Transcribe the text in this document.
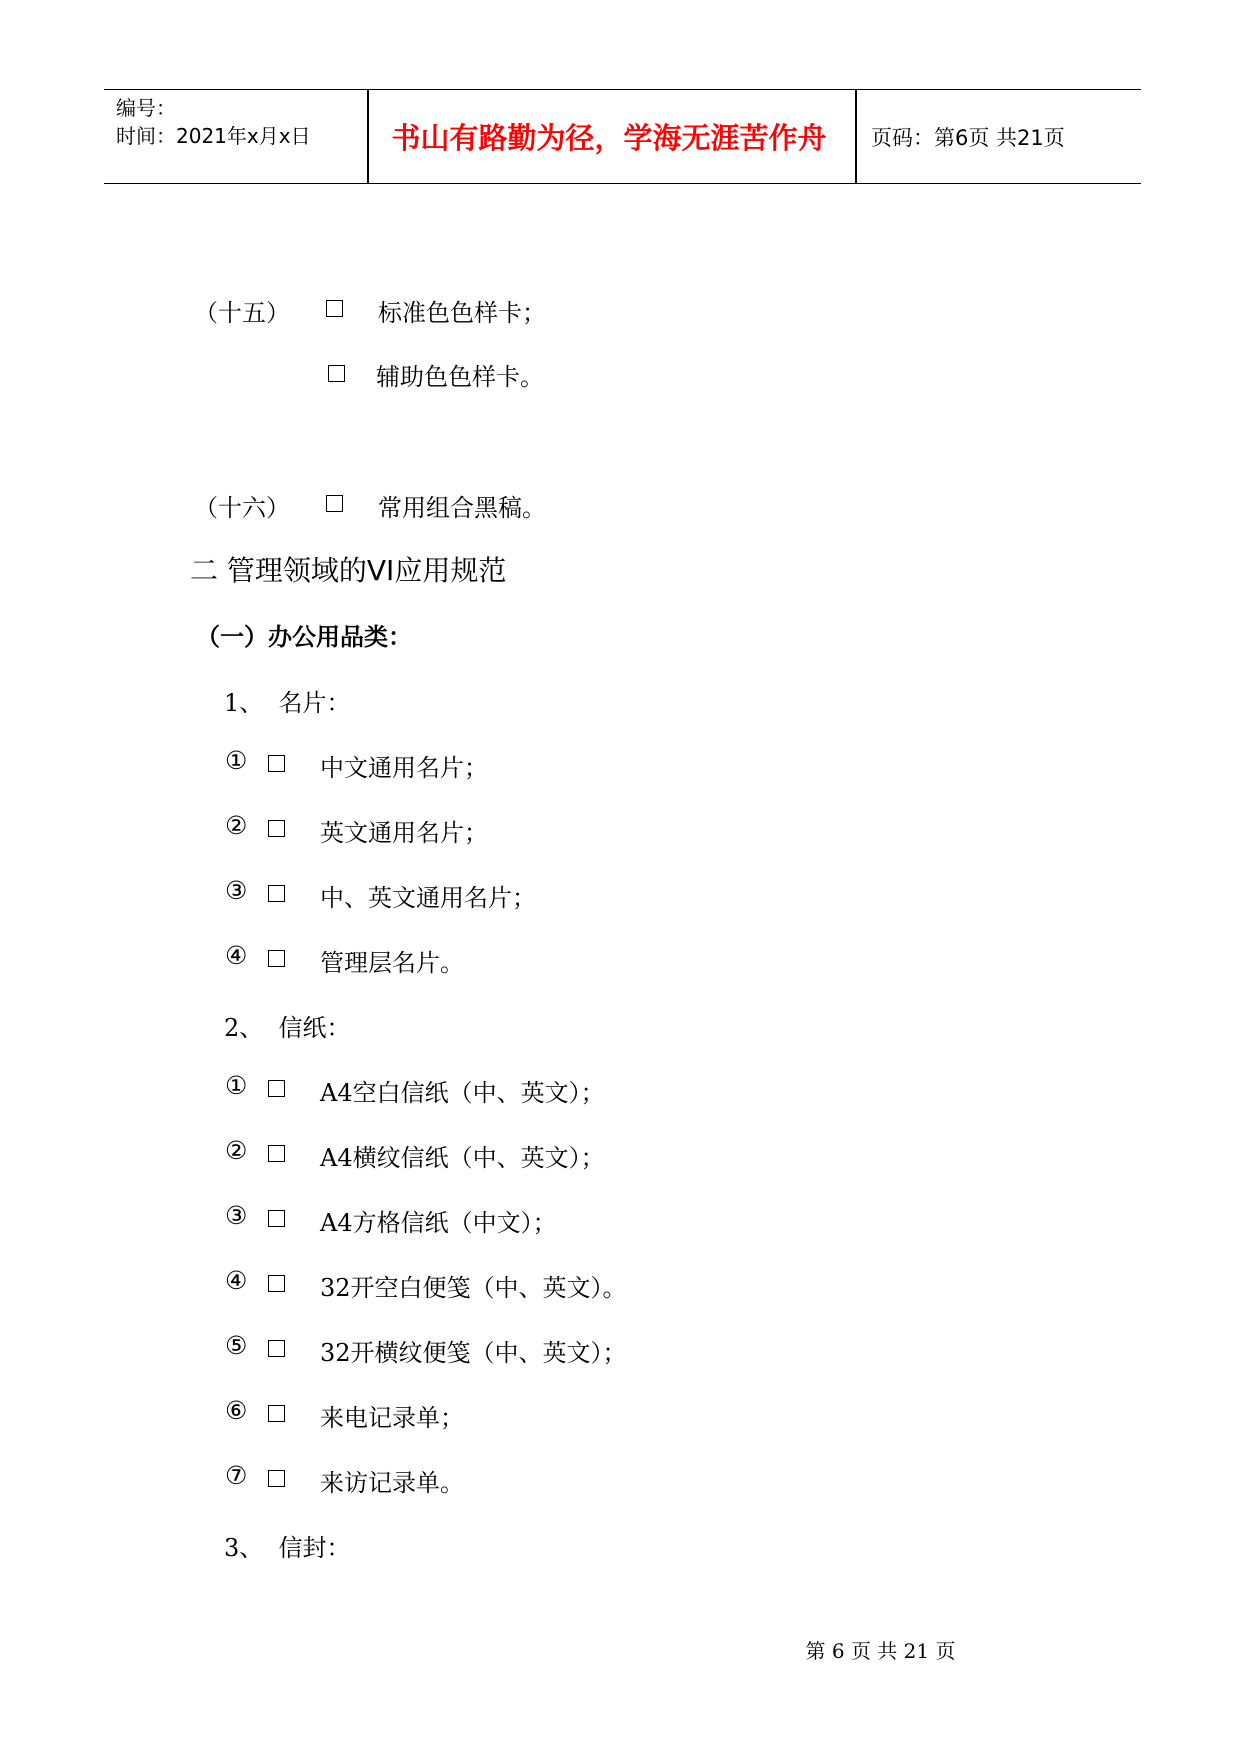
编号：
时间：2021年x月x日	书山有路勤为径，学海无涯苦作舟	页码：第6页 共21页
（十五）	标准色色样卡；
辅助色色样卡。
（十六）	常用组合黑稿。
二 管理领域的VI应用规范
（一）办公用品类：
1、  名片：
①	中文通用名片；
②	英文通用名片；
③	中、英文通用名片；
④	管理层名片。
2、  信纸：
①	A4空白信纸（中、英文）；
②	A4横纹信纸（中、英文）；
③	A4方格信纸（中文）；
④	32开空白便笺（中、英文）。
⑤	32开横纹便笺（中、英文）；
⑥	来电记录单；
⑦	来访记录单。
3、  信封：
第 6 页 共 21 页
